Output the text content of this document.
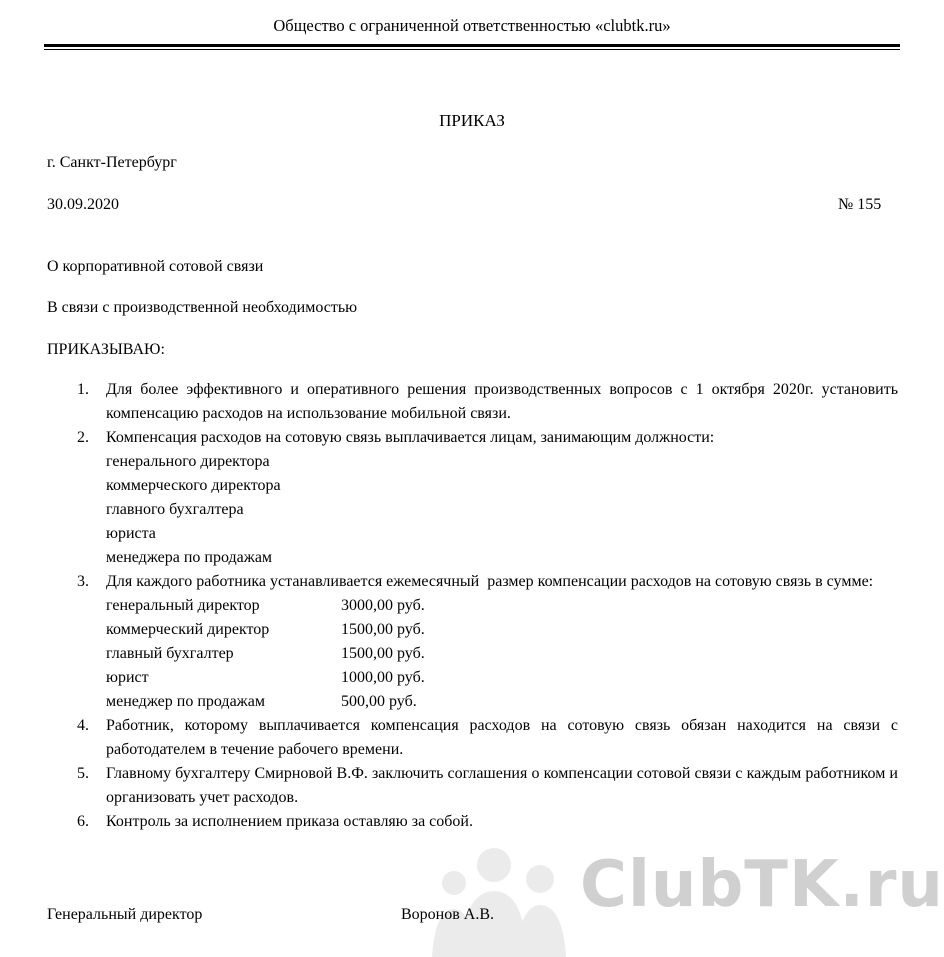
Общество с ограниченной ответственностью «clubtk.ru»
ПРИКАЗ
г. Санкт-Петербург
30.09.2020	№ 155
О корпоративной сотовой связи
В связи с производственной необходимостью
ПРИКАЗЫВАЮ:
1. Для более эффективного и оперативного решения производственных вопросов с 1 октября 2020г. установить компенсацию расходов на использование мобильной связи.
2. Компенсация расходов на сотовую связь выплачивается лицам, занимающим должности:
генерального директора
коммерческого директора
главного бухгалтера
юриста
менеджера по продажам
3. Для каждого работника устанавливается ежемесячный  размер компенсации расходов на сотовую связь в сумме:
генеральный директор	3000,00 руб.
коммерческий директор	1500,00 руб.
главный бухгалтер	1500,00 руб.
юрист	1000,00 руб.
менеджер по продажам	500,00 руб.
4. Работник, которому выплачивается компенсация расходов на сотовую связь обязан находится на связи с работодателем в течение рабочего времени.
5. Главному бухгалтеру Смирновой В.Ф. заключить соглашения о компенсации сотовой связи с каждым работником и организовать учет расходов.
6. Контроль за исполнением приказа оставляю за собой.
ClubTK.ru
Генеральный директор	Воронов А.В.
